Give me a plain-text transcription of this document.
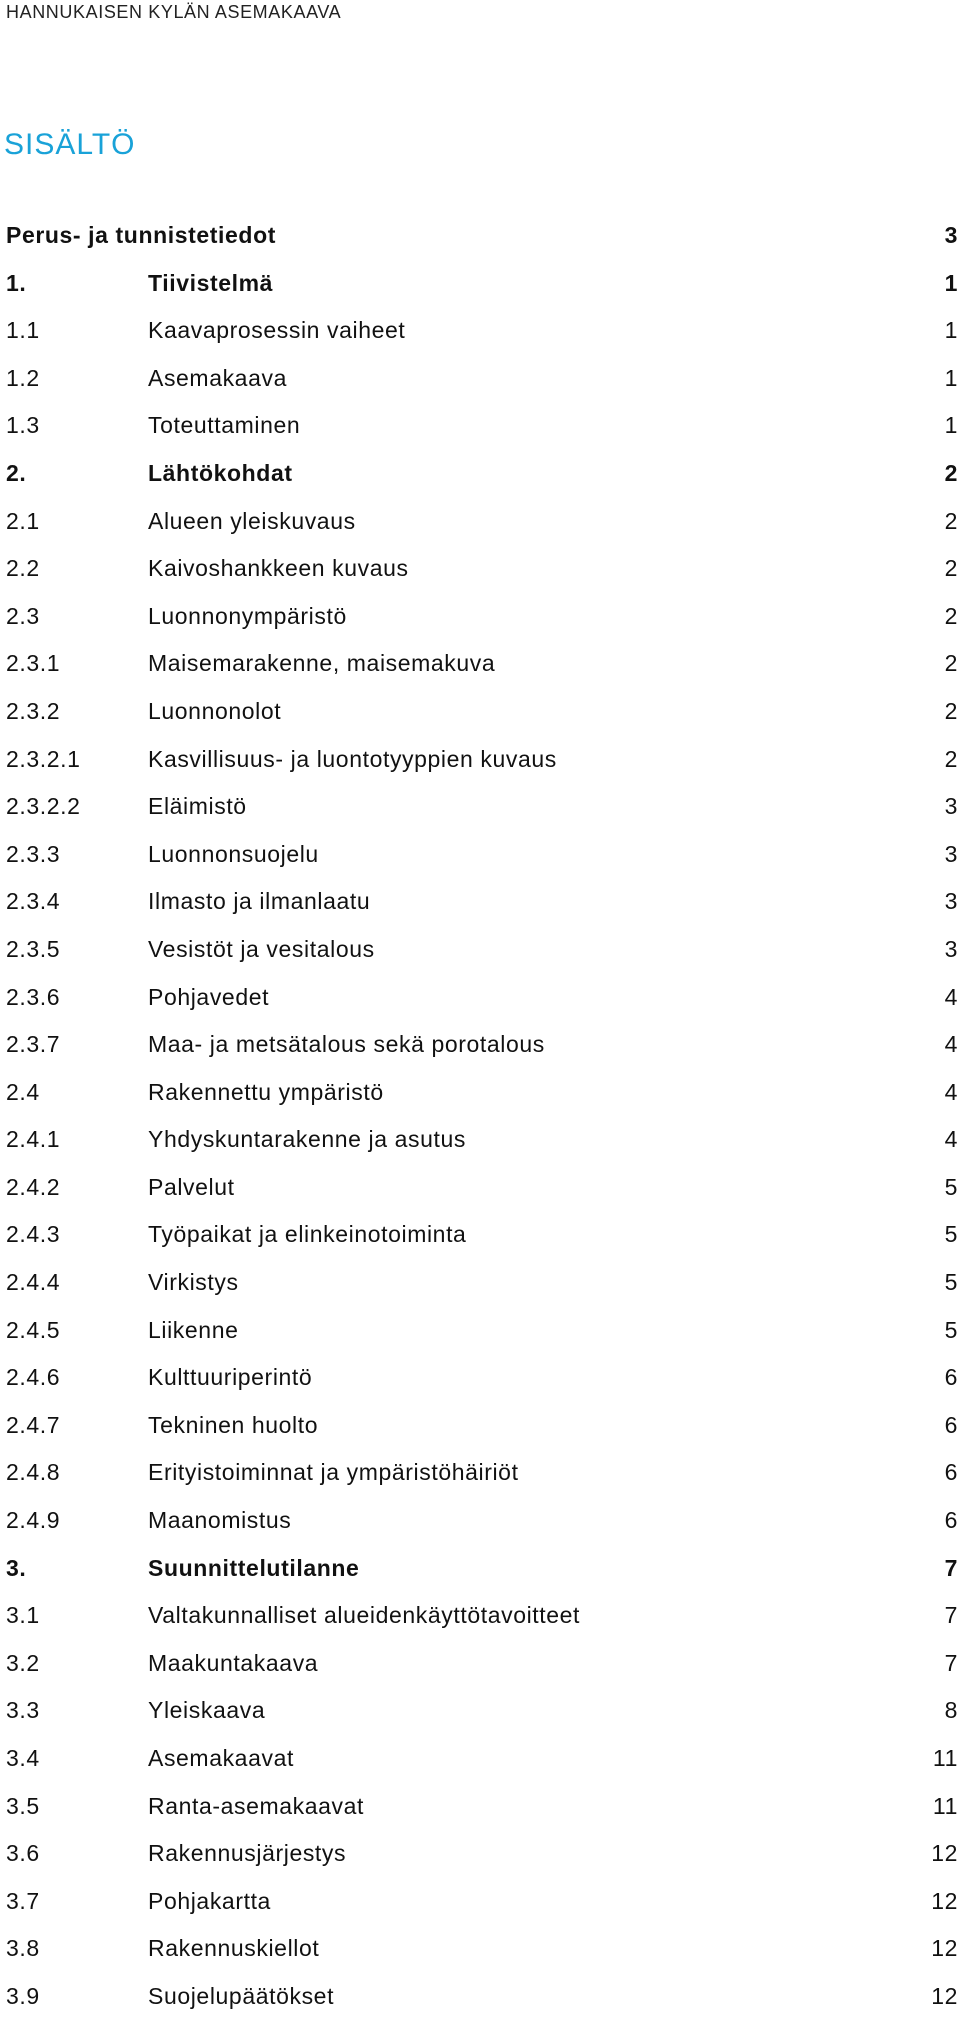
HANNUKAISEN KYLÄN ASEMAKAAVA
SISÄLTÖ
Perus- ja tunnistetiedot	3
1.	Tiivistelmä	1
1.1	Kaavaprosessin vaiheet	1
1.2	Asemakaava	1
1.3	Toteuttaminen	1
2.	Lähtökohdat	2
2.1	Alueen yleiskuvaus	2
2.2	Kaivoshankkeen kuvaus	2
2.3	Luonnonympäristö	2
2.3.1	Maisemarakenne, maisemakuva	2
2.3.2	Luonnonolot	2
2.3.2.1	Kasvillisuus- ja luontotyyppien kuvaus	2
2.3.2.2	Eläimistö	3
2.3.3	Luonnonsuojelu	3
2.3.4	Ilmasto ja ilmanlaatu	3
2.3.5	Vesistöt ja vesitalous	3
2.3.6	Pohjavedet	4
2.3.7	Maa- ja metsätalous sekä porotalous	4
2.4	Rakennettu ympäristö	4
2.4.1	Yhdyskuntarakenne ja asutus	4
2.4.2	Palvelut	5
2.4.3	Työpaikat ja elinkeinotoiminta	5
2.4.4	Virkistys	5
2.4.5	Liikenne	5
2.4.6	Kulttuuriperintö	6
2.4.7	Tekninen huolto	6
2.4.8	Erityistoiminnat ja ympäristöhäiriöt	6
2.4.9	Maanomistus	6
3.	Suunnittelutilanne	7
3.1	Valtakunnalliset alueidenkäyttötavoitteet	7
3.2	Maakuntakaava	7
3.3	Yleiskaava	8
3.4	Asemakaavat	11
3.5	Ranta-asemakaavat	11
3.6	Rakennusjärjestys	12
3.7	Pohjakartta	12
3.8	Rakennuskiellot	12
3.9	Suojelupäätökset	12
